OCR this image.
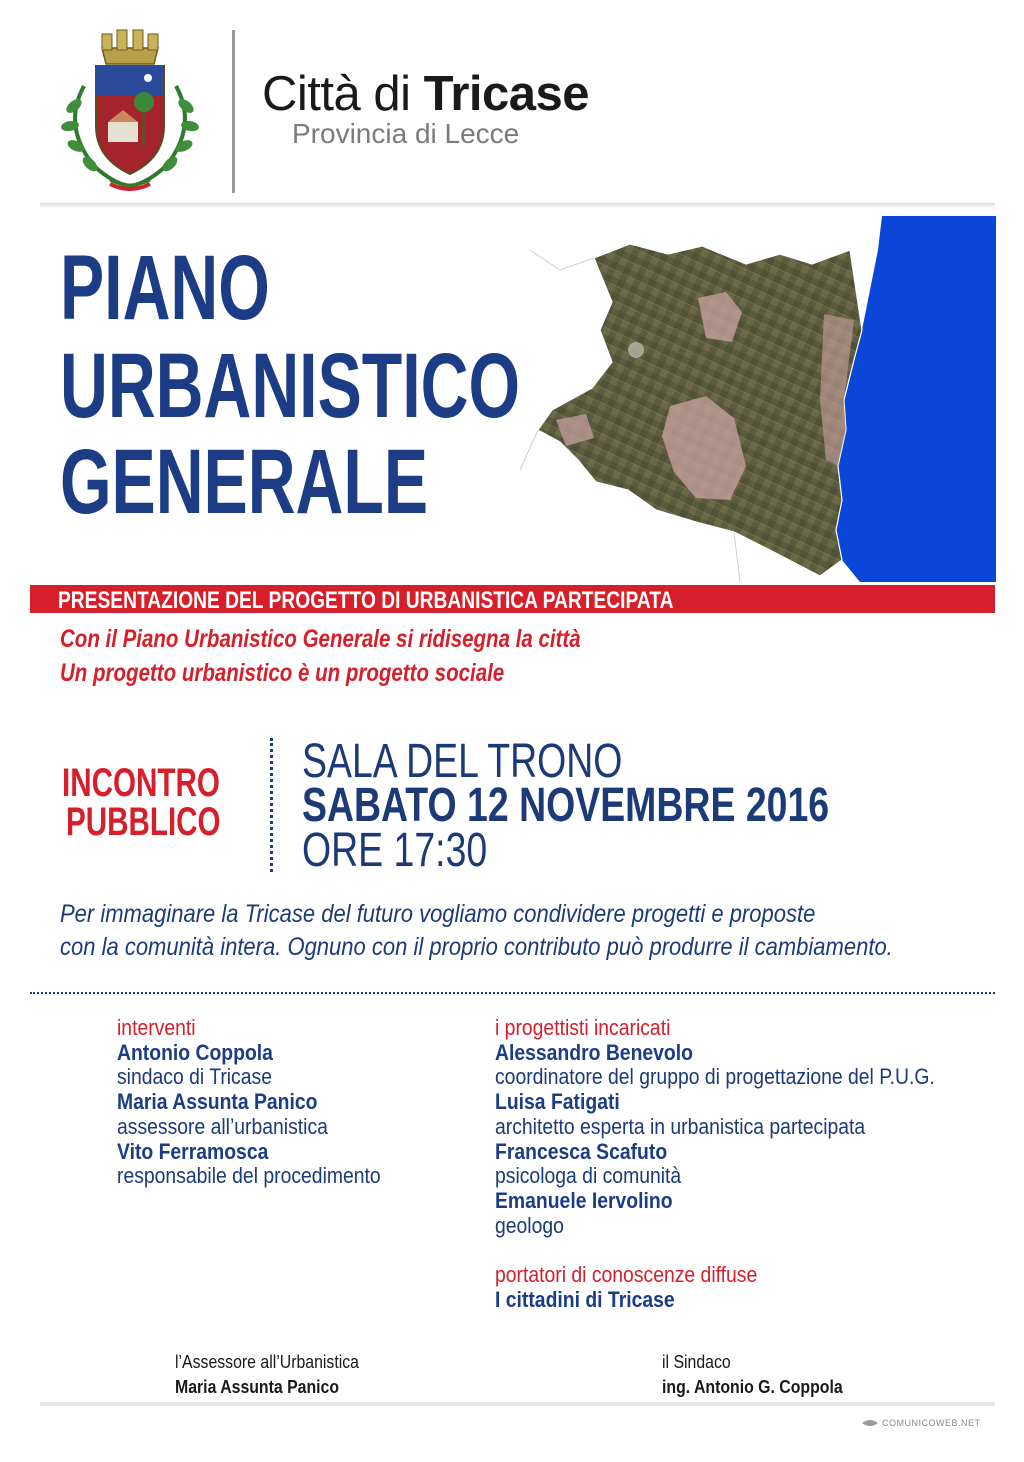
Città di Tricase
Provincia di Lecce
PIANO
URBANISTICO
GENERALE
PRESENTAZIONE DEL PROGETTO DI URBANISTICA PARTECIPATA
Con il Piano Urbanistico Generale si ridisegna la città
Un progetto urbanistico è un progetto sociale
INCONTRO
PUBBLICO
SALA DEL TRONO
SABATO 12 NOVEMBRE 2016
ORE 17:30
Per immaginare la Tricase del futuro vogliamo condividere progetti e proposte
con la comunità intera. Ognuno con il proprio contributo può produrre il cambiamento.
interventi
Antonio Coppola
sindaco di Tricase
Maria Assunta Panico
assessore all’urbanistica
Vito Ferramosca
responsabile del procedimento
i progettisti incaricati
Alessandro Benevolo
coordinatore del gruppo di progettazione del P.U.G.
Luisa Fatigati
architetto esperta in urbanistica partecipata
Francesca Scafuto
psicologa di comunità
Emanuele Iervolino
geologo
portatori di conoscenze diffuse
I cittadini di Tricase
l’Assessore all’Urbanistica
Maria Assunta Panico
il Sindaco
ing. Antonio G. Coppola
COMUNICOWEB.NET
